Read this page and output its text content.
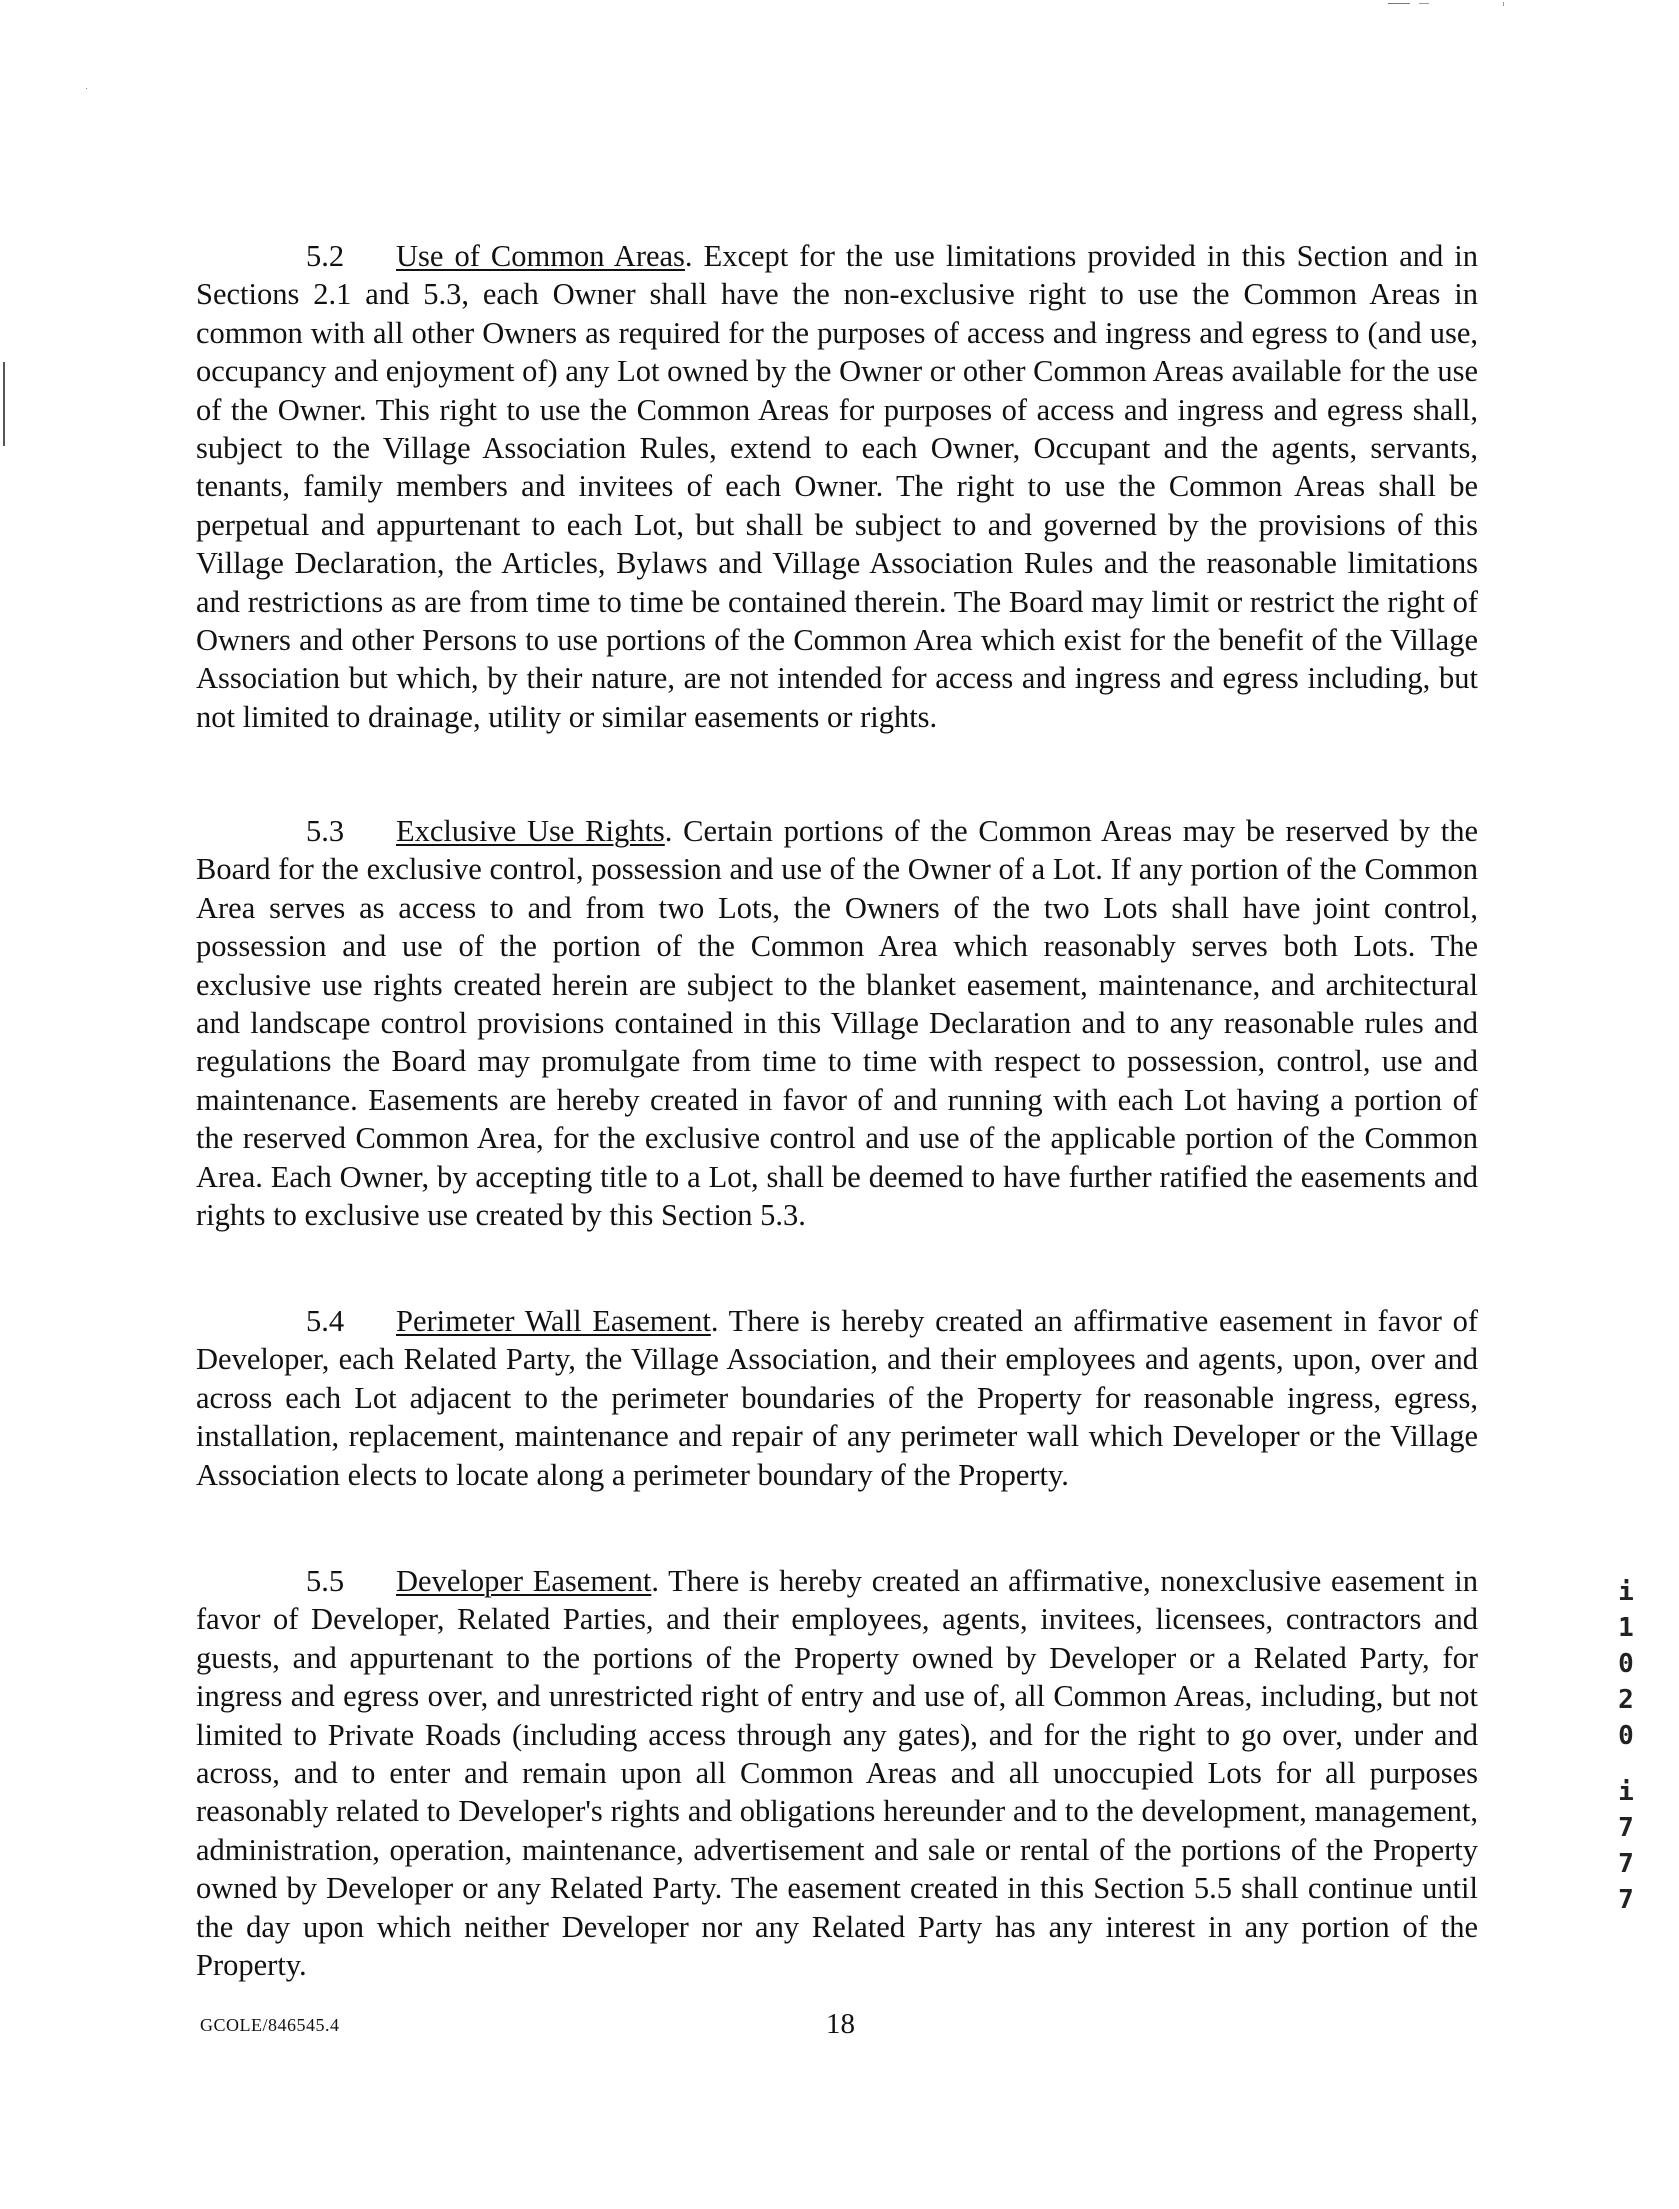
5.2 Use of Common Areas. Except for the use limitations provided in this Section and in Sections 2.1 and 5.3, each Owner shall have the non-exclusive right to use the Common Areas in common with all other Owners as required for the purposes of access and ingress and egress to (and use, occupancy and enjoyment of) any Lot owned by the Owner or other Common Areas available for the use of the Owner. This right to use the Common Areas for purposes of access and ingress and egress shall, subject to the Village Association Rules, extend to each Owner, Occupant and the agents, servants, tenants, family members and invitees of each Owner. The right to use the Common Areas shall be perpetual and appurtenant to each Lot, but shall be subject to and governed by the provisions of this Village Declaration, the Articles, Bylaws and Village Association Rules and the reasonable limitations and restrictions as are from time to time be contained therein. The Board may limit or restrict the right of Owners and other Persons to use portions of the Common Area which exist for the benefit of the Village Association but which, by their nature, are not intended for access and ingress and egress including, but not limited to drainage, utility or similar easements or rights.

5.3 Exclusive Use Rights. Certain portions of the Common Areas may be reserved by the Board for the exclusive control, possession and use of the Owner of a Lot. If any portion of the Common Area serves as access to and from two Lots, the Owners of the two Lots shall have joint control, possession and use of the portion of the Common Area which reasonably serves both Lots. The exclusive use rights created herein are subject to the blanket easement, maintenance, and architectural and landscape control provisions contained in this Village Declaration and to any reasonable rules and regulations the Board may promulgate from time to time with respect to possession, control, use and maintenance. Easements are hereby created in favor of and running with each Lot having a portion of the reserved Common Area, for the exclusive control and use of the applicable portion of the Common Area. Each Owner, by accepting title to a Lot, shall be deemed to have further ratified the easements and rights to exclusive use created by this Section 5.3.

5.4 Perimeter Wall Easement. There is hereby created an affirmative easement in favor of Developer, each Related Party, the Village Association, and their employees and agents, upon, over and across each Lot adjacent to the perimeter boundaries of the Property for reasonable ingress, egress, installation, replacement, maintenance and repair of any perimeter wall which Developer or the Village Association elects to locate along a perimeter boundary of the Property.

5.5 Developer Easement. There is hereby created an affirmative, nonexclusive easement in favor of Developer, Related Parties, and their employees, agents, invitees, licensees, contractors and guests, and appurtenant to the portions of the Property owned by Developer or a Related Party, for ingress and egress over, and unrestricted right of entry and use of, all Common Areas, including, but not limited to Private Roads (including access through any gates), and for the right to go over, under and across, and to enter and remain upon all Common Areas and all unoccupied Lots for all purposes reasonably related to Developer's rights and obligations hereunder and to the development, management, administration, operation, maintenance, advertisement and sale or rental of the portions of the Property owned by Developer or any Related Party. The easement created in this Section 5.5 shall continue until the day upon which neither Developer nor any Related Party has any interest in any portion of the Property.

i
1
0
2
0
i
7
7
7
GCOLE/846545.4	18
